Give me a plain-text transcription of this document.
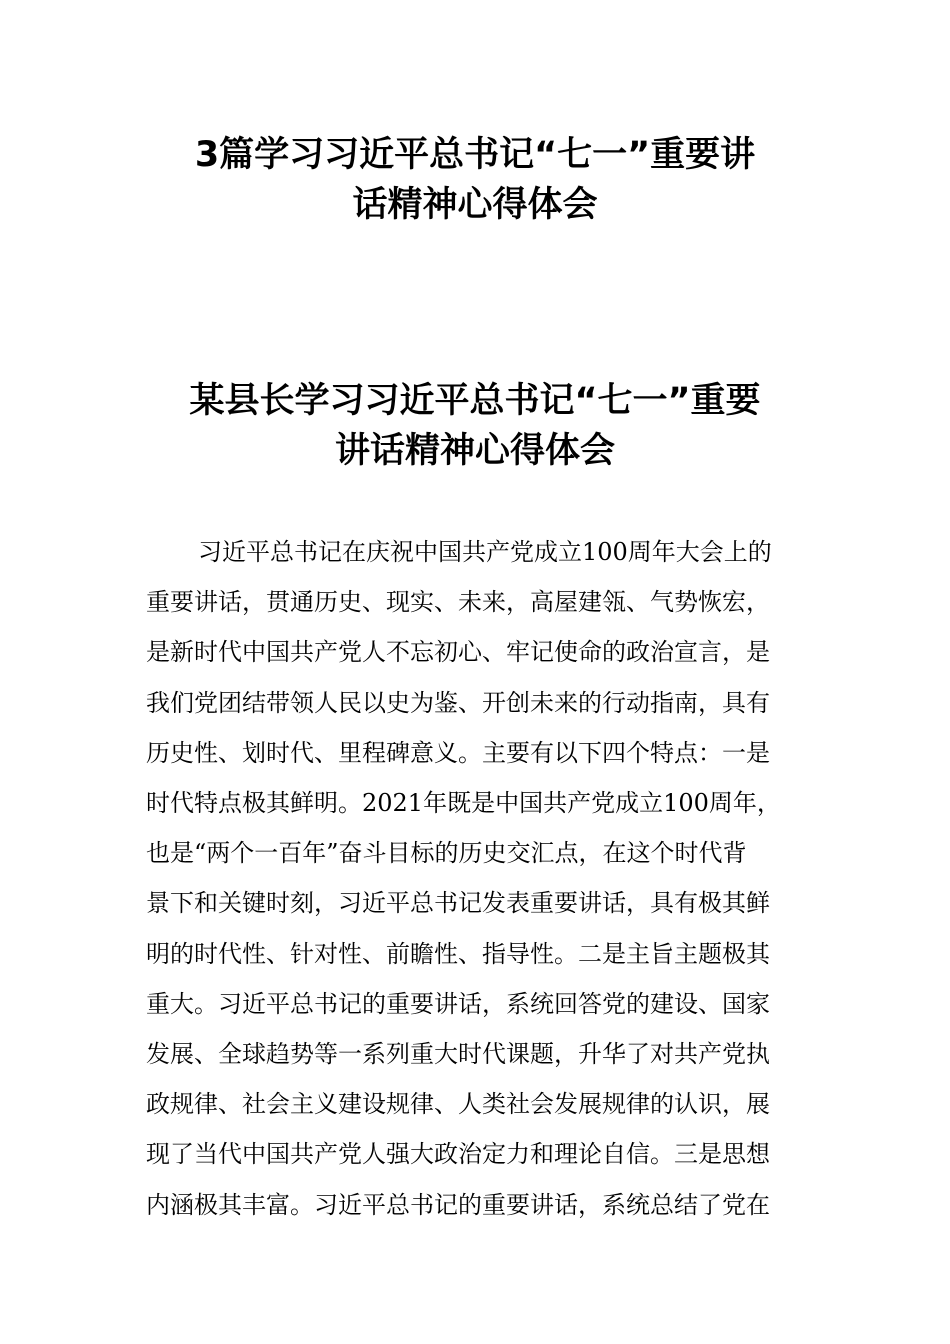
3篇学习习近平总书记“七一”重要讲
话精神心得体会
某县长学习习近平总书记“七一”重要
讲话精神心得体会
习近平总书记在庆祝中国共产党成立100周年大会上的
重要讲话，贯通历史、现实、未来，高屋建瓴、气势恢宏，
是新时代中国共产党人不忘初心、牢记使命的政治宣言，是
我们党团结带领人民以史为鉴、开创未来的行动指南，具有
历史性、划时代、里程碑意义。主要有以下四个特点：一是
时代特点极其鲜明。2021年既是中国共产党成立100周年，
也是“两个一百年”奋斗目标的历史交汇点，在这个时代背
景下和关键时刻，习近平总书记发表重要讲话，具有极其鲜
明的时代性、针对性、前瞻性、指导性。二是主旨主题极其
重大。习近平总书记的重要讲话，系统回答党的建设、国家
发展、全球趋势等一系列重大时代课题，升华了对共产党执
政规律、社会主义建设规律、人类社会发展规律的认识，展
现了当代中国共产党人强大政治定力和理论自信。三是思想
内涵极其丰富。习近平总书记的重要讲话，系统总结了党在
